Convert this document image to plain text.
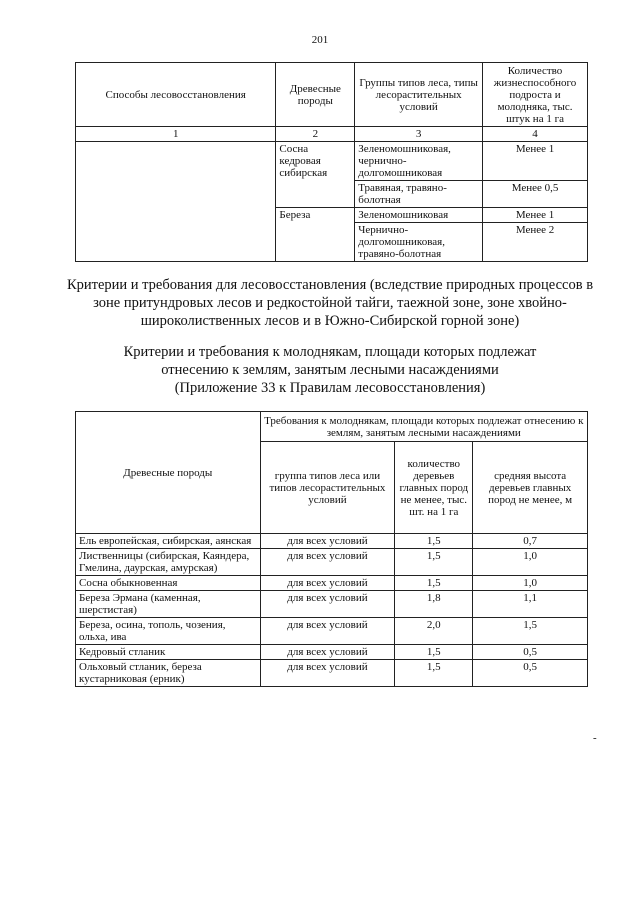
201
Способы лесовосстановления	Древесные породы	Группы типов леса, типы лесорастительных условий	Количество жизнеспособного подроста и молодняка, тыс. штук на 1 га
1	2	3	4
	Сосна кедровая сибирская	Зеленомошниковая, чернично-долгомошниковая	Менее 1
		Травяная, травяно-болотная	Менее 0,5
	Береза	Зеленомошниковая	Менее 1
		Чернично-долгомошниковая, травяно-болотная	Менее 2
Критерии и требования для лесовосстановления (вследствие природных процессов в зоне притундровых лесов и редкостойной тайги, таежной зоне, зоне хвойно-широколиственных лесов и в Южно-Сибирской горной зоне)
Критерии и требования к молоднякам, площади которых подлежат
отнесению к землям, занятым лесными насаждениями
(Приложение 33 к Правилам лесовосстановления)
Древесные породы	Требования к молоднякам, площади которых подлежат отнесению к землям, занятым лесными насаждениями		
	группа типов леса или типов лесорастительных условий	количество деревьев главных пород не менее, тыс. шт. на 1 га	средняя высота деревьев главных пород не менее, м
Ель европейская, сибирская, аянская	для всех условий	1,5	0,7
Лиственницы (сибирская, Каяндера, Гмелина, даурская, амурская)	для всех условий	1,5	1,0
Сосна обыкновенная	для всех условий	1,5	1,0
Береза Эрмана (каменная, шерстистая)	для всех условий	1,8	1,1
Береза, осина, тополь, чозения, ольха, ива	для всех условий	2,0	1,5
Кедровый стланик	для всех условий	1,5	0,5
Ольховый стланик, береза кустарниковая (ерник)	для всех условий	1,5	0,5
-
